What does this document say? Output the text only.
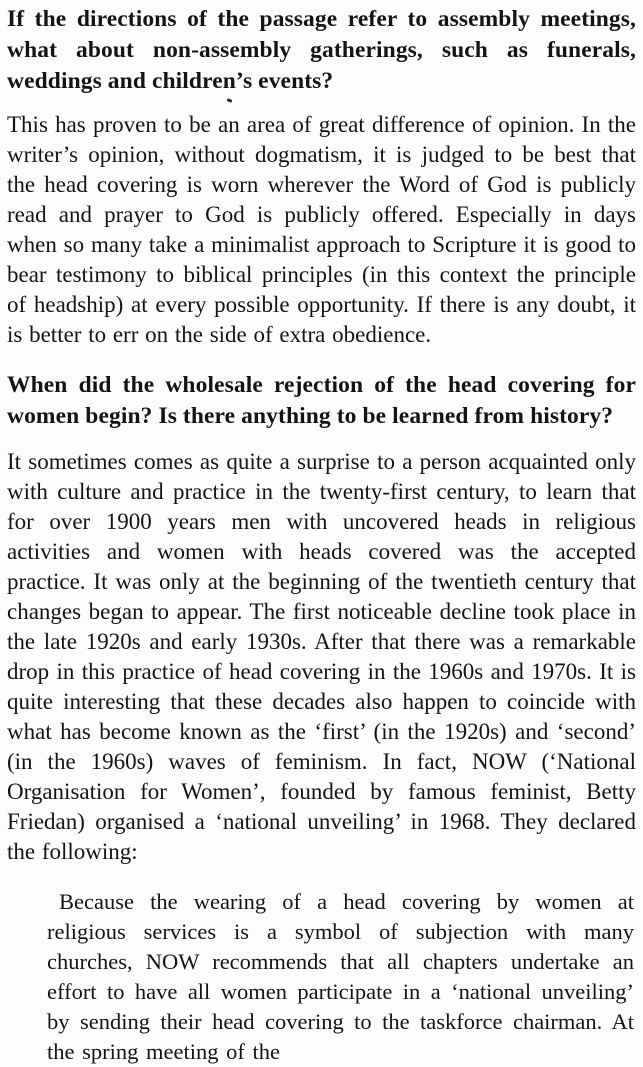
If the directions of the passage refer to assembly meetings, what about non-assembly gatherings, such as funerals, weddings and children’s events?

This has proven to be an area of great difference of opinion. In the writer’s opinion, without dogmatism, it is judged to be best that the head covering is worn wherever the Word of God is publicly read and prayer to God is publicly offered. Especially in days when so many take a minimalist approach to Scripture it is good to bear testimony to biblical principles (in this context the principle of headship) at every possible opportunity. If there is any doubt, it is better to err on the side of extra obedience.

When did the wholesale rejection of the head covering for women begin? Is there anything to be learned from history?

It sometimes comes as quite a surprise to a person acquainted only with culture and practice in the twenty-first century, to learn that for over 1900 years men with uncovered heads in religious activities and women with heads covered was the accepted practice. It was only at the beginning of the twentieth century that changes began to appear. The first noticeable decline took place in the late 1920s and early 1930s. After that there was a remarkable drop in this practice of head covering in the 1960s and 1970s. It is quite interesting that these decades also happen to coincide with what has become known as the ‘first’ (in the 1920s) and ‘second’ (in the 1960s) waves of feminism. In fact, NOW (‘National Organisation for Women’, founded by famous feminist, Betty Friedan) organised a ‘national unveiling’ in 1968. They declared the following:

Because the wearing of a head covering by women at religious services is a symbol of subjection with many churches, NOW recommends that all chapters undertake an effort to have all women participate in a ‘national unveiling’ by sending their head covering to the taskforce chairman. At the spring meeting of the
